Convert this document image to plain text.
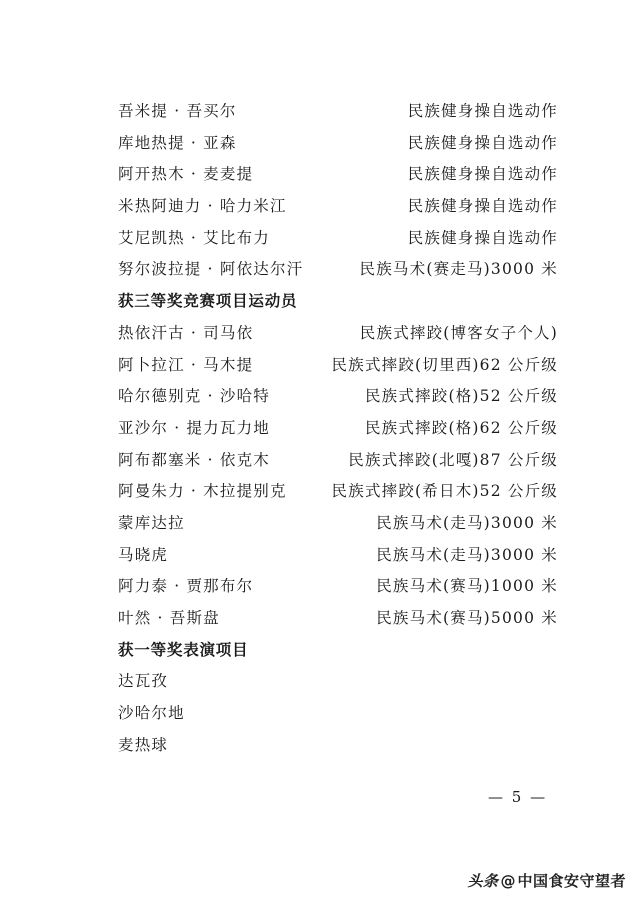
吾米提 · 吾买尔	民族健身操自选动作
库地热提 · 亚森	民族健身操自选动作
阿开热木 · 麦麦提	民族健身操自选动作
米热阿迪力 · 哈力米江	民族健身操自选动作
艾尼凯热 · 艾比布力	民族健身操自选动作
努尔波拉提 · 阿依达尔汗	民族马术(赛走马)3000 米
获三等奖竞赛项目运动员
热依汗古 · 司马依	民族式摔跤(博客女子个人)
阿卜拉江 · 马木提	民族式摔跤(切里西)62 公斤级
哈尔德别克 · 沙哈特	民族式摔跤(格)52 公斤级
亚沙尔 · 提力瓦力地	民族式摔跤(格)62 公斤级
阿布都塞米 · 依克木	民族式摔跤(北嘎)87 公斤级
阿曼朱力 · 木拉提别克	民族式摔跤(希日木)52 公斤级
蒙库达拉	民族马术(走马)3000 米
马晓虎	民族马术(走马)3000 米
阿力泰 · 贾那布尔	民族马术(赛马)1000 米
叶然 · 吾斯盘	民族马术(赛马)5000 米
获一等奖表演项目
达瓦孜
沙哈尔地
麦热球
— 5 —
头条 @ 中国食安守望者
